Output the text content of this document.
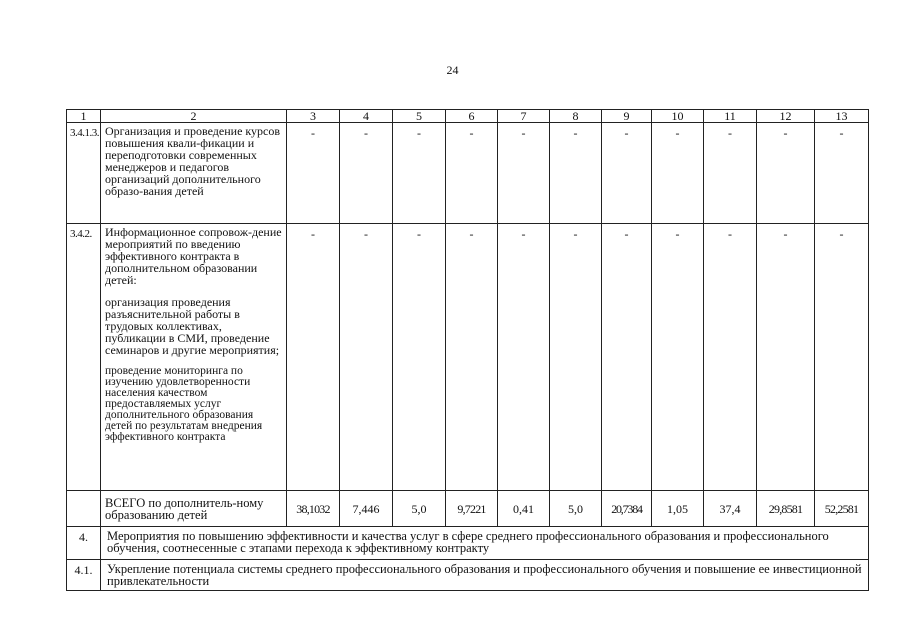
24
1	2	3	4	5	6	7	8	9	10	11	12	13
3.4.1.3.	Организация и проведение курсов повышения квали-фикации и переподготовки современных менеджеров и педагогов организаций дополнительного образо-вания детей	-	-	-	-	-	-	-	-	-	-	-
3.4.2.	Информационное сопровож-дение мероприятий по введению эффективного контракта в дополнительном образовании детей:

организация проведения разъяснительной работы в трудовых коллективах, публикации в СМИ, проведение семинаров и другие мероприятия;

проведение мониторинга по изучению удовлетворенности населения качеством предоставляемых услуг дополнительного образования детей по результатам внедрения эффективного контракта	-	-	-	-	-	-	-	-	-	-	-
	ВСЕГО по дополнитель-ному образованию детей	38,1032	7,446	5,0	9,7221	0,41	5,0	20,7384	1,05	37,4	29,8581	52,2581
4.	Мероприятия по повышению эффективности и качества услуг в сфере среднего профессионального образования и профессионального обучения, соотнесенные с этапами перехода к эффективному контракту											
4.1.	Укрепление потенциала системы среднего профессионального образования и профессионального обучения и повышение ее инвестиционной привлекательности											
